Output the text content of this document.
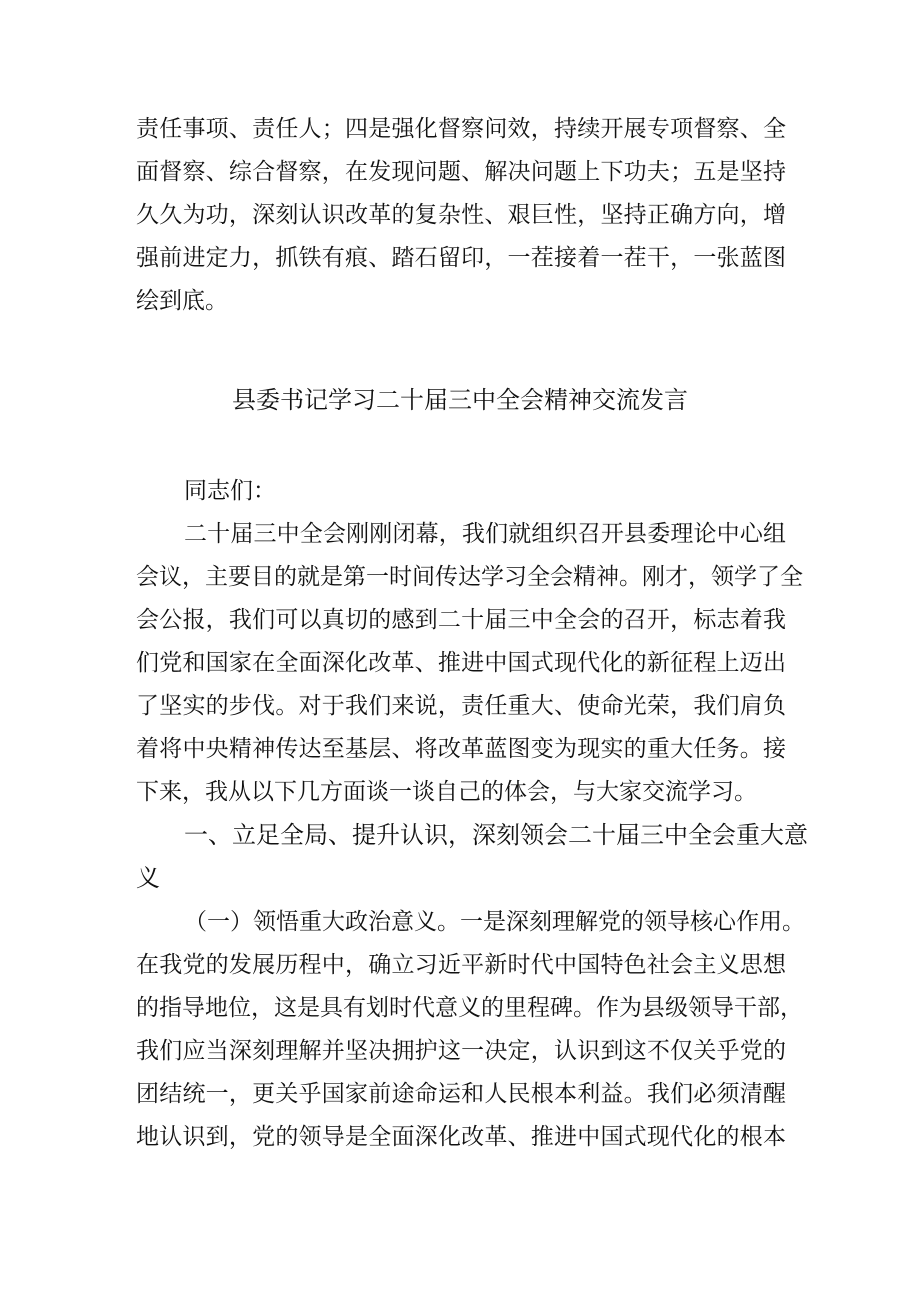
责任事项、责任人；四是强化督察问效，持续开展专项督察、全
面督察、综合督察，在发现问题、解决问题上下功夫；五是坚持
久久为功，深刻认识改革的复杂性、艰巨性，坚持正确方向，增
强前进定力，抓铁有痕、踏石留印，一茬接着一茬干，一张蓝图
绘到底。
县委书记学习二十届三中全会精神交流发言
同志们：
二十届三中全会刚刚闭幕，我们就组织召开县委理论中心组
会议，主要目的就是第一时间传达学习全会精神。刚才，领学了全
会公报，我们可以真切的感到二十届三中全会的召开，标志着我
们党和国家在全面深化改革、推进中国式现代化的新征程上迈出
了坚实的步伐。对于我们来说，责任重大、使命光荣，我们肩负
着将中央精神传达至基层、将改革蓝图变为现实的重大任务。接
下来，我从以下几方面谈一谈自己的体会，与大家交流学习。
一、立足全局、提升认识，深刻领会二十届三中全会重大意
义
（一）领悟重大政治意义。一是深刻理解党的领导核心作用。
在我党的发展历程中，确立习近平新时代中国特色社会主义思想
的指导地位，这是具有划时代意义的里程碑。作为县级领导干部，
我们应当深刻理解并坚决拥护这一决定，认识到这不仅关乎党的
团结统一，更关乎国家前途命运和人民根本利益。我们必须清醒
地认识到，党的领导是全面深化改革、推进中国式现代化的根本
